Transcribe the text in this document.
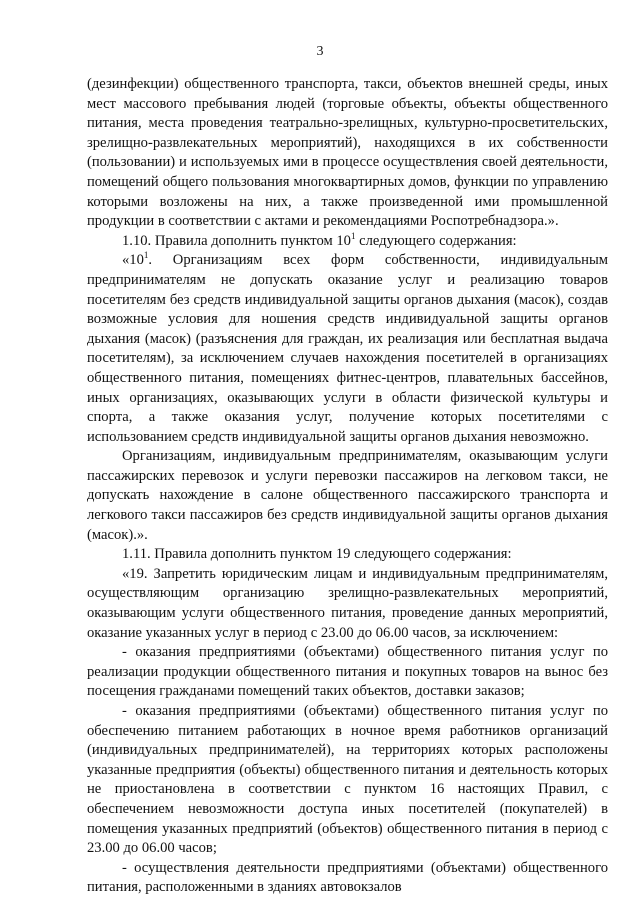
3

(дезинфекции) общественного транспорта, такси, объектов внешней среды, иных мест массового пребывания людей (торговые объекты, объекты общественного питания, места проведения театрально-зрелищных, культурно-просветительских, зрелищно-развлекательных мероприятий), находящихся в их собственности (пользовании) и используемых ими в процессе осуществления своей деятельности, помещений общего пользования многоквартирных домов, функции по управлению которыми возложены на них, а также произведенной ими промышленной продукции в соответствии с актами и рекомендациями Роспотребнадзора.».

1.10. Правила дополнить пунктом $10^1$ следующего содержания:

«$10^1$. Организациям всех форм собственности, индивидуальным предпринимателям не допускать оказание услуг и реализацию товаров посетителям без средств индивидуальной защиты органов дыхания (масок), создав возможные условия для ношения средств индивидуальной защиты органов дыхания (масок) (разъяснения для граждан, их реализация или бесплатная выдача посетителям), за исключением случаев нахождения посетителей в организациях общественного питания, помещениях фитнес-центров, плавательных бассейнов, иных организациях, оказывающих услуги в области физической культуры и спорта, а также оказания услуг, получение которых посетителями с использованием средств индивидуальной защиты органов дыхания невозможно.

Организациям, индивидуальным предпринимателям, оказывающим услуги пассажирских перевозок и услуги перевозки пассажиров на легковом такси, не допускать нахождение в салоне общественного пассажирского транспорта и легкового такси пассажиров без средств индивидуальной защиты органов дыхания (масок).».

1.11. Правила дополнить пунктом 19 следующего содержания:

«19. Запретить юридическим лицам и индивидуальным предпринимателям, осуществляющим организацию зрелищно-развлекательных мероприятий, оказывающим услуги общественного питания, проведение данных мероприятий, оказание указанных услуг в период с 23.00 до 06.00 часов, за исключением:

- оказания предприятиями (объектами) общественного питания услуг по реализации продукции общественного питания и покупных товаров на вынос без посещения гражданами помещений таких объектов, доставки заказов;

- оказания предприятиями (объектами) общественного питания услуг по обеспечению питанием работающих в ночное время работников организаций (индивидуальных предпринимателей), на территориях которых расположены указанные предприятия (объекты) общественного питания и деятельность которых не приостановлена в соответствии с пунктом 16 настоящих Правил, с обеспечением невозможности доступа иных посетителей (покупателей) в помещения указанных предприятий (объектов) общественного питания в период с 23.00 до 06.00 часов;

- осуществления деятельности предприятиями (объектами) общественного питания, расположенными в зданиях автовокзалов
